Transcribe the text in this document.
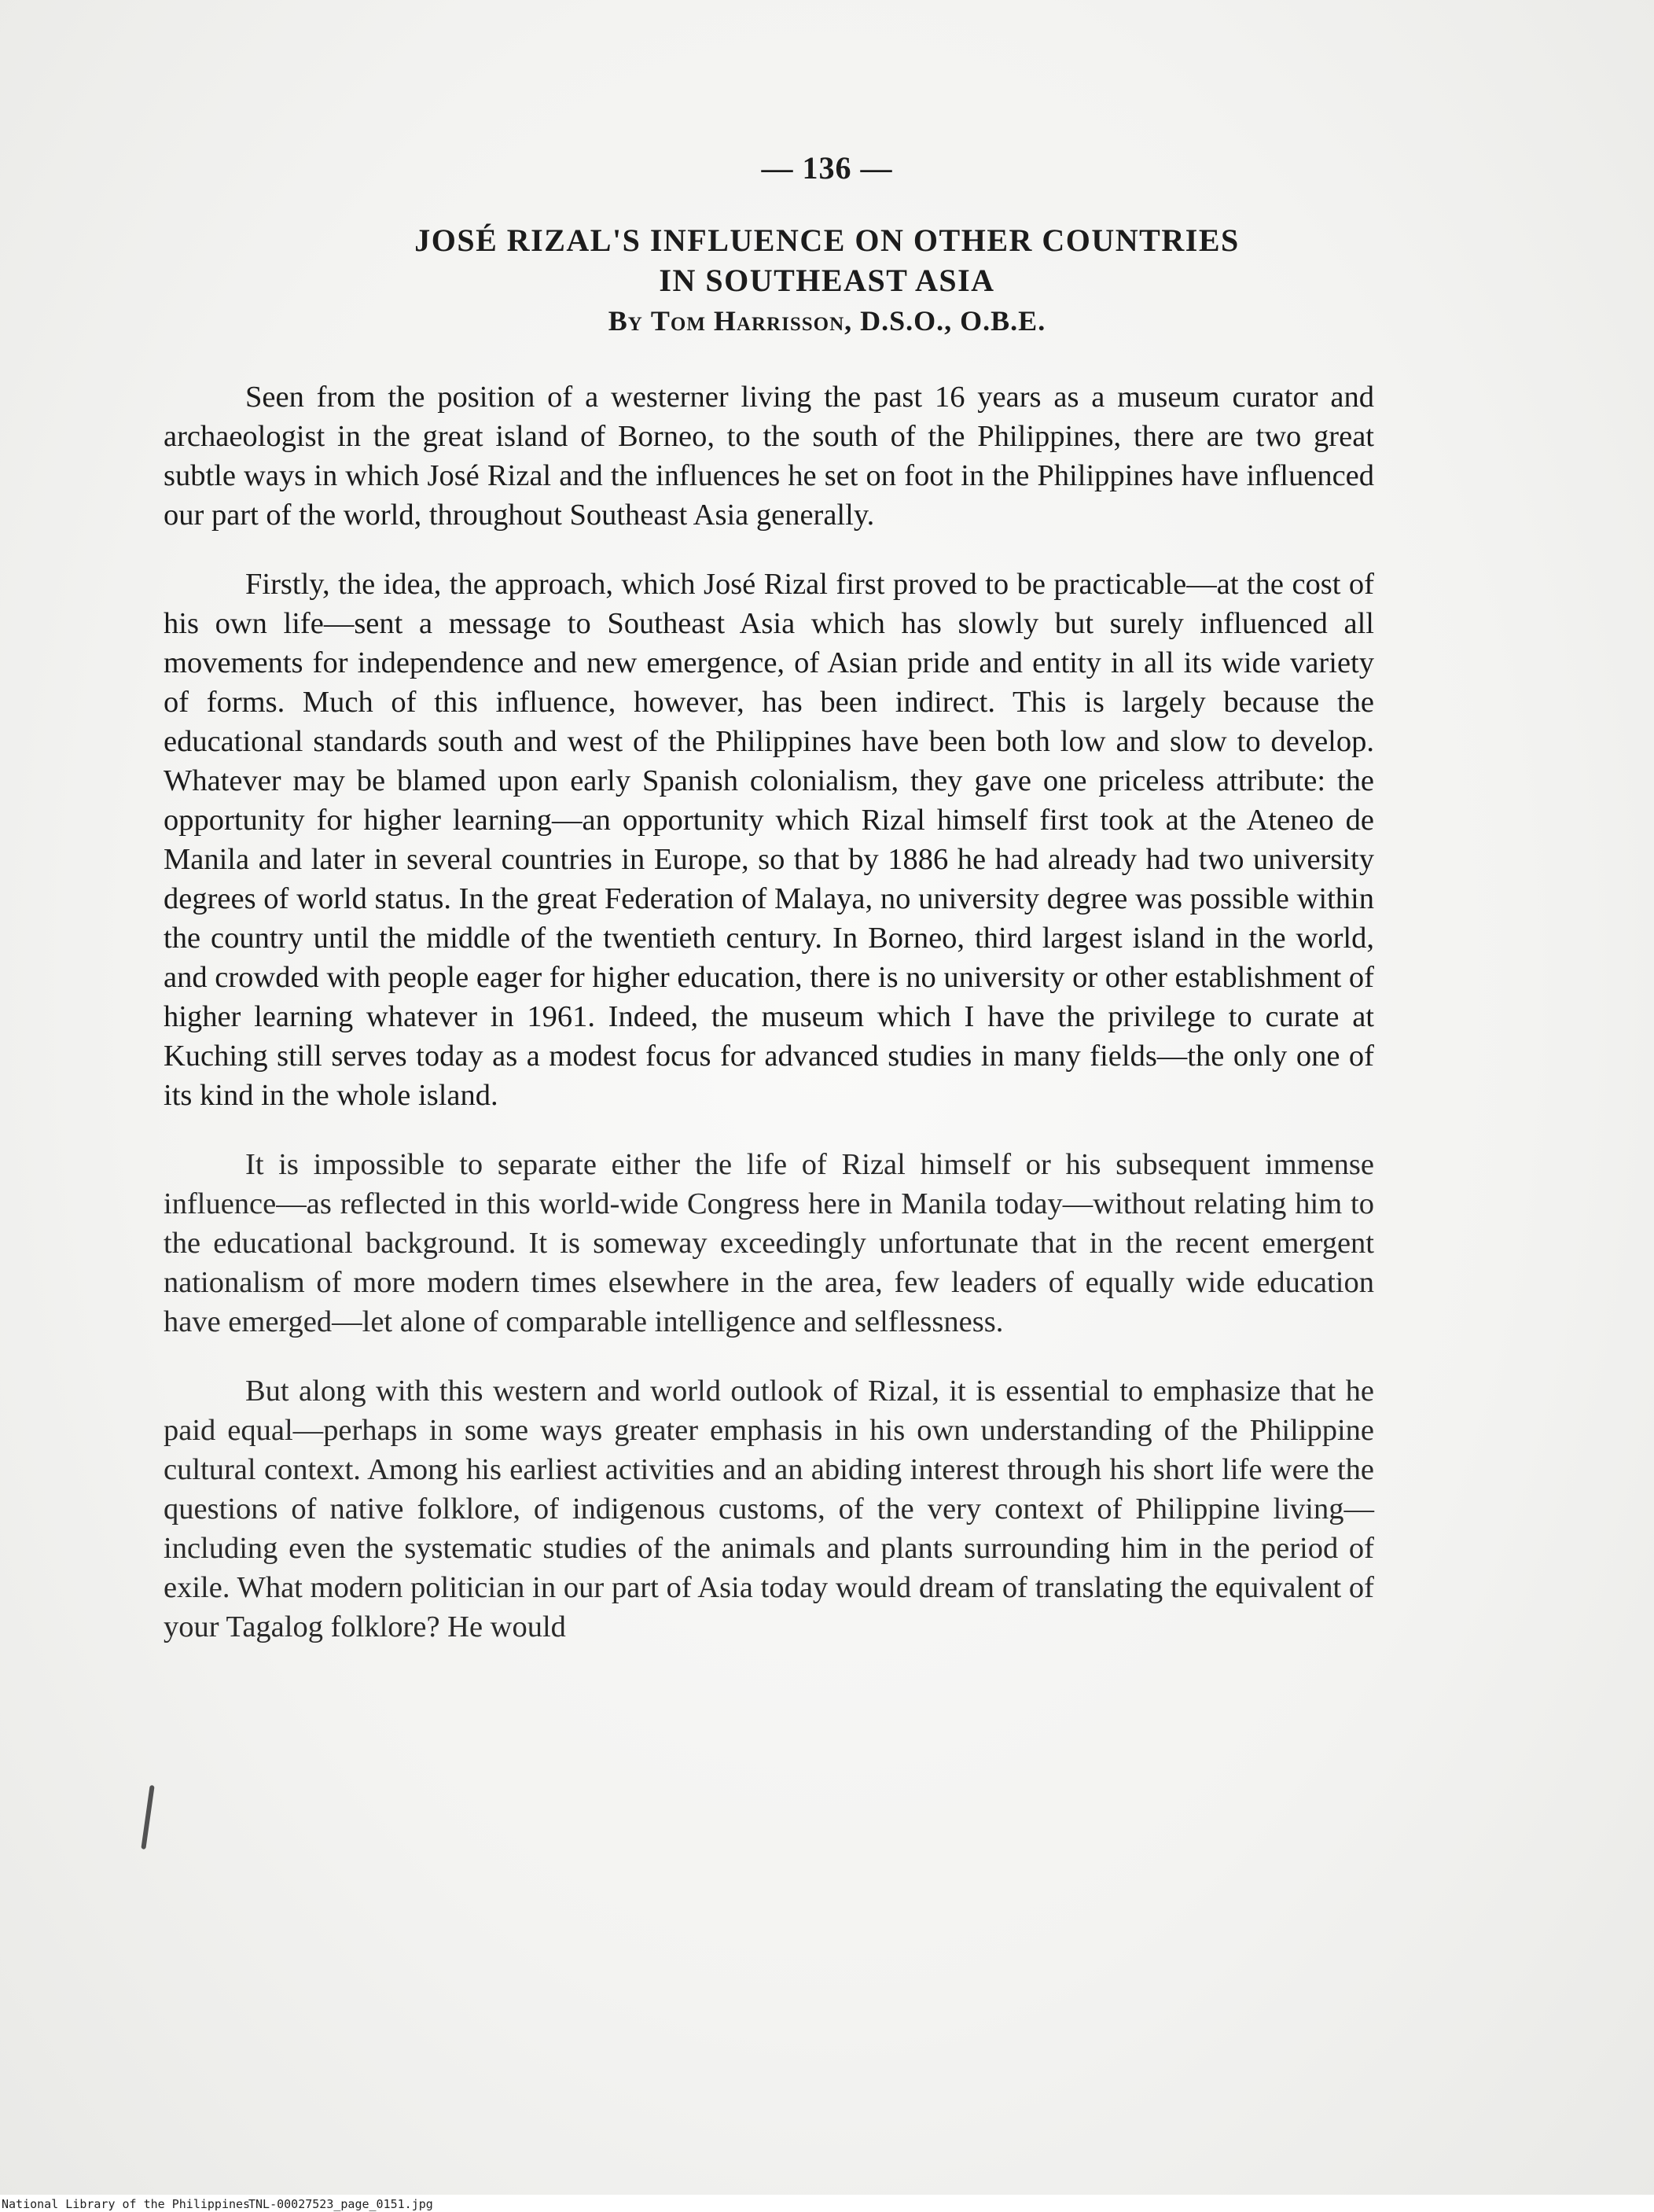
— 136 —
JOSÉ RIZAL'S INFLUENCE ON OTHER COUNTRIES
IN SOUTHEAST ASIA
By Tom Harrisson, D.S.O., O.B.E.

Seen from the position of a westerner living the past 16 years as a museum curator and archaeologist in the great island of Borneo, to the south of the Philippines, there are two great subtle ways in which José Rizal and the influences he set on foot in the Philippines have influenced our part of the world, throughout Southeast Asia generally.

Firstly, the idea, the approach, which José Rizal first proved to be practicable—at the cost of his own life—sent a message to Southeast Asia which has slowly but surely influenced all movements for independence and new emergence, of Asian pride and entity in all its wide variety of forms. Much of this influence, however, has been indirect. This is largely because the educational standards south and west of the Philippines have been both low and slow to develop. Whatever may be blamed upon early Spanish colonialism, they gave one priceless attribute: the opportunity for higher learning—an opportunity which Rizal himself first took at the Ateneo de Manila and later in several countries in Europe, so that by 1886 he had already had two university degrees of world status. In the great Federation of Malaya, no university degree was possible within the country until the middle of the twentieth century. In Borneo, third largest island in the world, and crowded with people eager for higher education, there is no university or other establishment of higher learning whatever in 1961. Indeed, the museum which I have the privilege to curate at Kuching still serves today as a modest focus for advanced studies in many fields—the only one of its kind in the whole island.

It is impossible to separate either the life of Rizal himself or his subsequent immense influence—as reflected in this world-wide Congress here in Manila today—without relating him to the educational background. It is someway exceedingly unfortunate that in the recent emergent nationalism of more modern times elsewhere in the area, few leaders of equally wide education have emerged—let alone of comparable intelligence and selflessness.

But along with this western and world outlook of Rizal, it is essential to emphasize that he paid equal—perhaps in some ways greater emphasis in his own understanding of the Philippine cultural context. Among his earliest activities and an abiding interest through his short life were the questions of native folklore, of indigenous customs, of the very context of Philippine living—including even the systematic studies of the animals and plants surrounding him in the period of exile. What modern politician in our part of Asia today would dream of translating the equivalent of your Tagalog folklore? He would

National Library of the Philippines
TNL-00027523_page_0151.jpg
